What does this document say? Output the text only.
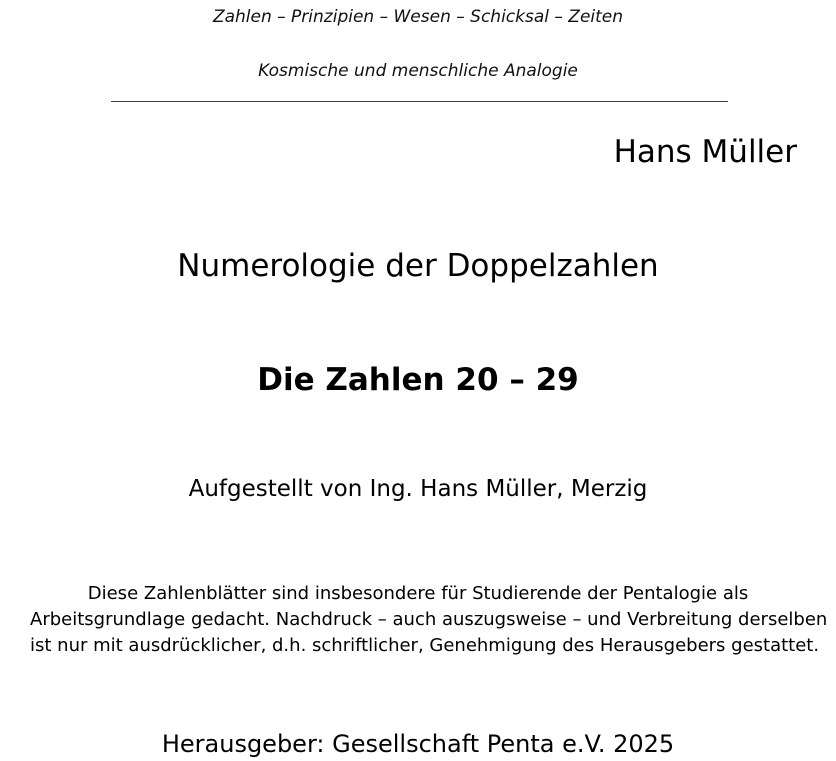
Zahlen – Prinzipien – Wesen – Schicksal – Zeiten
Kosmische und menschliche Analogie
Hans Müller
Numerologie der Doppelzahlen
Die Zahlen 20 – 29
Aufgestellt von Ing. Hans Müller, Merzig
Diese Zahlenblätter sind insbesondere für Studierende der Pentalogie als
Arbeitsgrundlage gedacht. Nachdruck – auch auszugsweise – und Verbreitung derselben
ist nur mit ausdrücklicher, d.h. schriftlicher, Genehmigung des Herausgebers gestattet.
Herausgeber: Gesellschaft Penta e.V. 2025
